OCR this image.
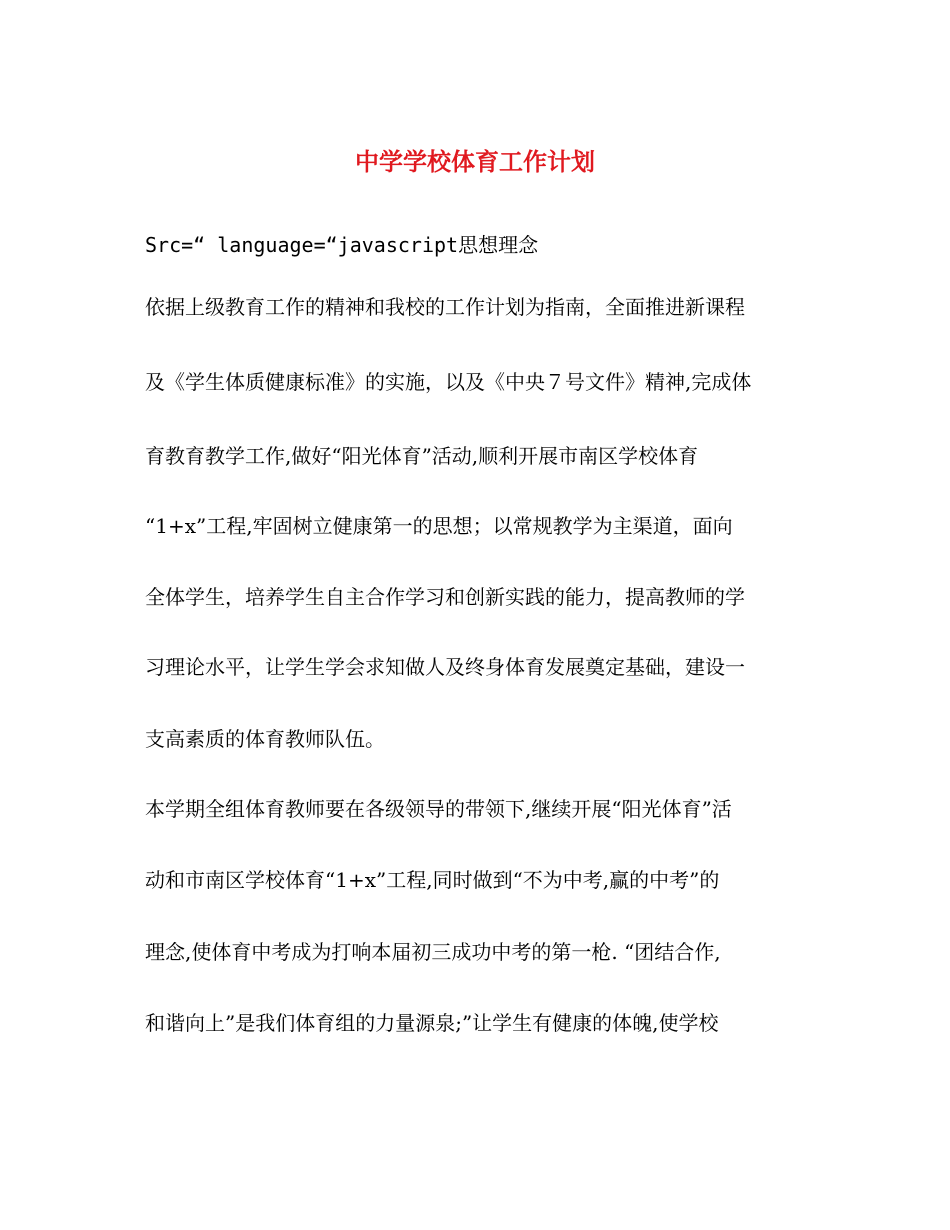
中学学校体育工作计划
Src=“ language=“javascript思想理念
依据上级教育工作的精神和我校的工作计划为指南，全面推进新课程
及《学生体质健康标准》的实施，以及《中央７号文件》精神,完成体
育教育教学工作,做好“阳光体育”活动,顺利开展市南区学校体育
“1+x”工程,牢固树立健康第一的思想；以常规教学为主渠道，面向
全体学生，培养学生自主合作学习和创新实践的能力，提高教师的学
习理论水平，让学生学会求知做人及终身体育发展奠定基础，建设一
支高素质的体育教师队伍。
本学期全组体育教师要在各级领导的带领下,继续开展“阳光体育”活
动和市南区学校体育“1+x”工程,同时做到“不为中考,赢的中考”的
理念,使体育中考成为打响本届初三成功中考的第一枪. “团结合作,
和谐向上”是我们体育组的力量源泉;”让学生有健康的体魄,使学校
